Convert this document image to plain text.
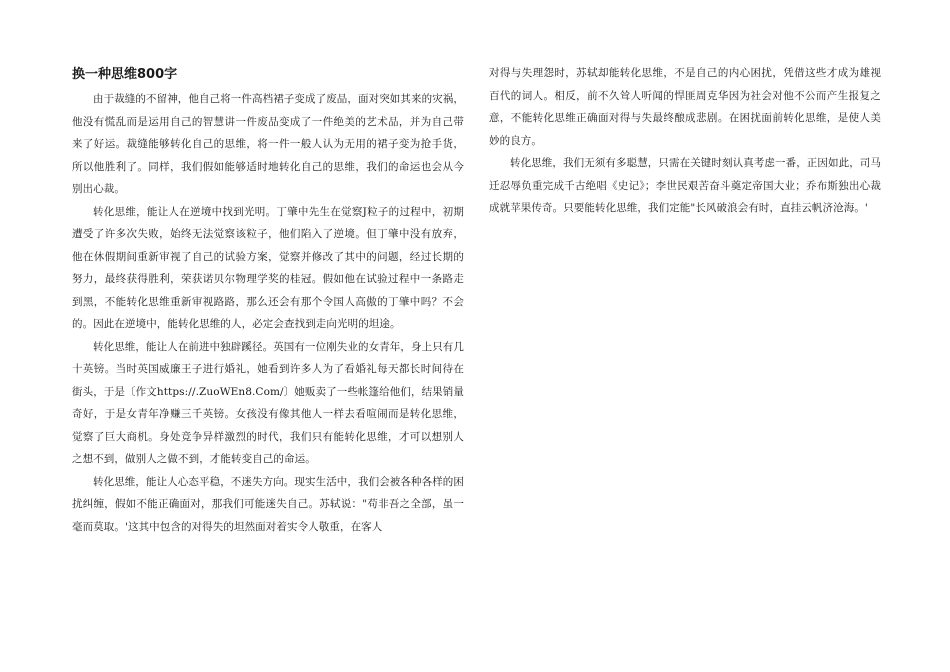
换一种思维800字

由于裁缝的不留神，他自己将一件高档裙子变成了废品，面对突如其来的灾祸，他没有慌乱而是运用自己的智慧讲一件废品变成了一件绝美的艺术品，并为自己带来了好运。裁缝能够转化自己的思维，将一件一般人认为无用的裙子变为抢手货，所以他胜利了。同样，我们假如能够适时地转化自己的思维，我们的命运也会从今别出心裁。

转化思维，能让人在逆境中找到光明。丁肇中先生在觉察J粒子的过程中，初期遭受了许多次失败，始终无法觉察该粒子，他们陷入了逆境。但丁肇中没有放弃，他在休假期间重新审视了自己的试验方案，觉察并修改了其中的问题，经过长期的努力，最终获得胜利，荣获诺贝尔物理学奖的桂冠。假如他在试验过程中一条路走到黑，不能转化思维重新审视路路，那么还会有那个令国人高傲的丁肇中吗？不会的。因此在逆境中，能转化思维的人，必定会查找到走向光明的坦途。

转化思维，能让人在前进中独辟蹊径。英国有一位刚失业的女青年，身上只有几十英镑。当时英国威廉王子进行婚礼，她看到许多人为了看婚礼每天都长时间待在街头，于是〔作文https://.ZuoWEn8.Com/〕她贩卖了一些帐篷给他们，结果销量奇好，于是女青年净赚三千英镑。女孩没有像其他人一样去看喧闹而是转化思维，觉察了巨大商机。身处竞争异样激烈的时代，我们只有能转化思维，才可以想别人之想不到，做别人之做不到，才能转变自己的命运。

转化思维，能让人心态平稳，不迷失方向。现实生活中，我们会被各种各样的困扰纠缠，假如不能正确面对，那我们可能迷失自己。苏轼说："苟非吾之全部，虽一毫而莫取。'这其中包含的对得失的坦然面对着实令人敬重，在客人

对得与失理怨时，苏轼却能转化思维，不是自己的内心困扰，凭借这些才成为雄视百代的词人。相反，前不久耸人听闻的悍匪周克华因为社会对他不公而产生报复之意，不能转化思维正确面对得与失最终酿成悲剧。在困扰面前转化思维，是使人美妙的良方。

转化思维，我们无须有多聪慧，只需在关键时刻认真考虑一番，正因如此，司马迁忍辱负重完成千古绝唱《史记》；李世民艰苦奋斗奠定帝国大业；乔布斯独出心裁成就苹果传奇。只要能转化思维，我们定能"长风破浪会有时，直挂云帆济沧海。'
